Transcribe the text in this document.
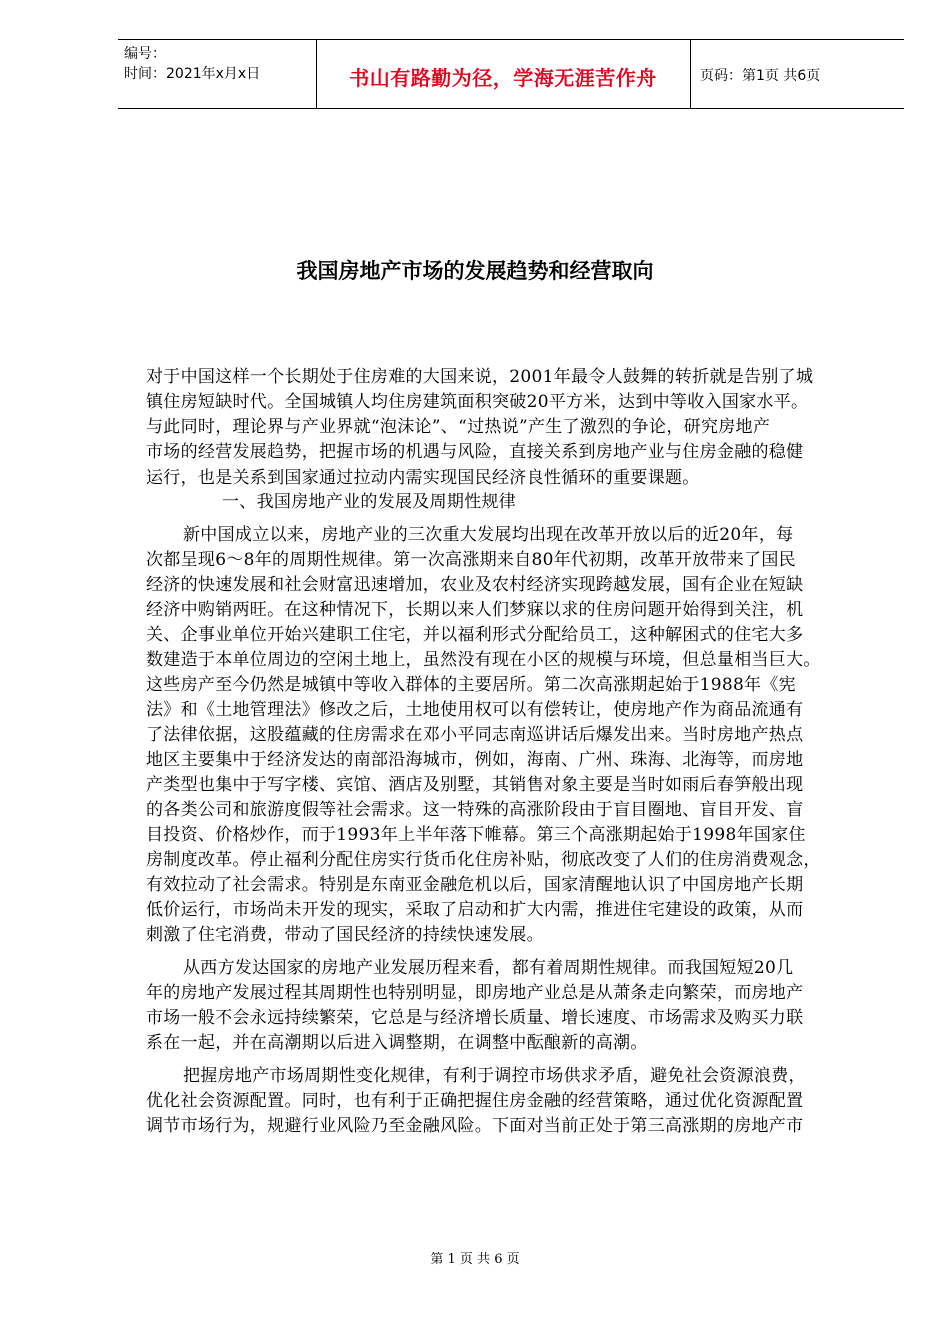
编号：
时间：2021年x月x日	书山有路勤为径，学海无涯苦作舟	页码：第1页 共6页
我国房地产市场的发展趋势和经营取向
对于中国这样一个长期处于住房难的大国来说，2001年最令人鼓舞的转折就是告别了城
镇住房短缺时代。全国城镇人均住房建筑面积突破20平方米，达到中等收入国家水平。
与此同时，理论界与产业界就“泡沫论”、“过热说”产生了激烈的争论，研究房地产
市场的经营发展趋势，把握市场的机遇与风险，直接关系到房地产业与住房金融的稳健
运行，也是关系到国家通过拉动内需实现国民经济良性循环的重要课题。
一、我国房地产业的发展及周期性规律
新中国成立以来，房地产业的三次重大发展均出现在改革开放以后的近20年，每
次都呈现6～8年的周期性规律。第一次高涨期来自80年代初期，改革开放带来了国民
经济的快速发展和社会财富迅速增加，农业及农村经济实现跨越发展，国有企业在短缺
经济中购销两旺。在这种情况下，长期以来人们梦寐以求的住房问题开始得到关注，机
关、企事业单位开始兴建职工住宅，并以福利形式分配给员工，这种解困式的住宅大多
数建造于本单位周边的空闲土地上，虽然没有现在小区的规模与环境，但总量相当巨大。
这些房产至今仍然是城镇中等收入群体的主要居所。第二次高涨期起始于1988年《宪
法》和《土地管理法》修改之后，土地使用权可以有偿转让，使房地产作为商品流通有
了法律依据，这股蕴藏的住房需求在邓小平同志南巡讲话后爆发出来。当时房地产热点
地区主要集中于经济发达的南部沿海城市，例如，海南、广州、珠海、北海等，而房地
产类型也集中于写字楼、宾馆、酒店及别墅，其销售对象主要是当时如雨后春笋般出现
的各类公司和旅游度假等社会需求。这一特殊的高涨阶段由于盲目圈地、盲目开发、盲
目投资、价格炒作，而于1993年上半年落下帷幕。第三个高涨期起始于1998年国家住
房制度改革。停止福利分配住房实行货币化住房补贴，彻底改变了人们的住房消费观念，
有效拉动了社会需求。特别是东南亚金融危机以后，国家清醒地认识了中国房地产长期
低价运行，市场尚未开发的现实，采取了启动和扩大内需，推进住宅建设的政策，从而
刺激了住宅消费，带动了国民经济的持续快速发展。
从西方发达国家的房地产业发展历程来看，都有着周期性规律。而我国短短20几
年的房地产发展过程其周期性也特别明显，即房地产业总是从萧条走向繁荣，而房地产
市场一般不会永远持续繁荣，它总是与经济增长质量、增长速度、市场需求及购买力联
系在一起，并在高潮期以后进入调整期，在调整中酝酿新的高潮。
把握房地产市场周期性变化规律，有利于调控市场供求矛盾，避免社会资源浪费，
优化社会资源配置。同时，也有利于正确把握住房金融的经营策略，通过优化资源配置
调节市场行为，规避行业风险乃至金融风险。下面对当前正处于第三高涨期的房地产市
第 1 页 共 6 页
